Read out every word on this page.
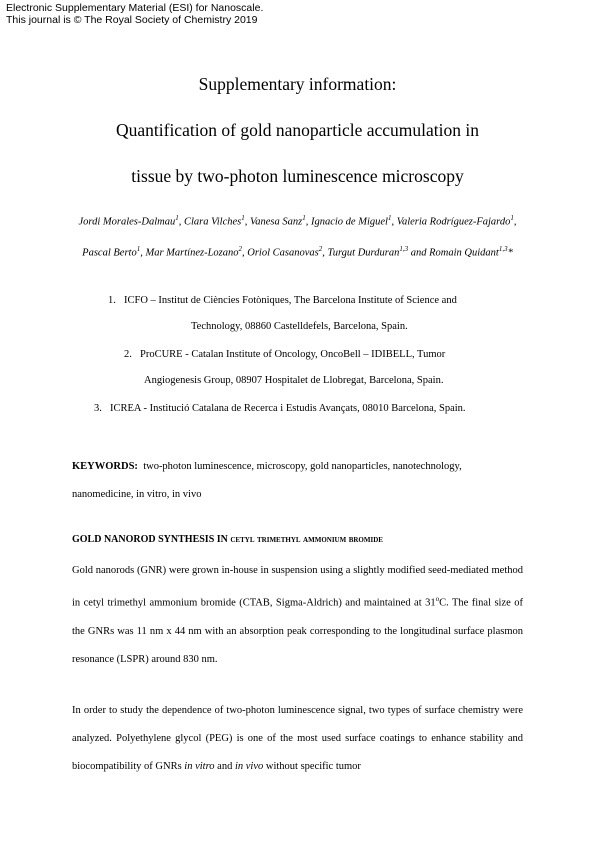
Electronic Supplementary Material (ESI) for Nanoscale.
This journal is © The Royal Society of Chemistry 2019
Supplementary information:
Quantification of gold nanoparticle accumulation in
tissue by two-photon luminescence microscopy
Jordi Morales-Dalmau$^1$, Clara Vilches$^1$, Vanesa Sanz$^1$, Ignacio de Miguel$^1$, Valeria Rodríguez-Fajardo$^1$, Pascal Berto$^1$, Mar Martínez-Lozano$^2$, Oriol Casanovas$^2$, Turgut Durduran$^{1,3}$ and Romain Quidant$^{1,3}$*
1. ICFO – Institut de Ciències Fotòniques, The Barcelona Institute of Science and
Technology, 08860 Castelldefels, Barcelona, Spain.
2. ProCURE - Catalan Institute of Oncology, OncoBell – IDIBELL, Tumor
Angiogenesis Group, 08907 Hospitalet de Llobregat, Barcelona, Spain.
3. ICREA - Institució Catalana de Recerca i Estudis Avançats, 08010 Barcelona, Spain.
KEYWORDS: two-photon luminescence, microscopy, gold nanoparticles, nanotechnology, nanomedicine, in vitro, in vivo
GOLD NANOROD SYNTHESIS IN cetyl trimethyl ammonium bromide
Gold nanorods (GNR) were grown in-house in suspension using a slightly modified seed-mediated method in cetyl trimethyl ammonium bromide (CTAB, Sigma-Aldrich) and maintained at 31$^o$C. The final size of the GNRs was 11 nm x 44 nm with an absorption peak corresponding to the longitudinal surface plasmon resonance (LSPR) around 830 nm.
In order to study the dependence of two-photon luminescence signal, two types of surface chemistry were analyzed. Polyethylene glycol (PEG) is one of the most used surface coatings to enhance stability and biocompatibility of GNRs in vitro and in vivo without specific tumor
